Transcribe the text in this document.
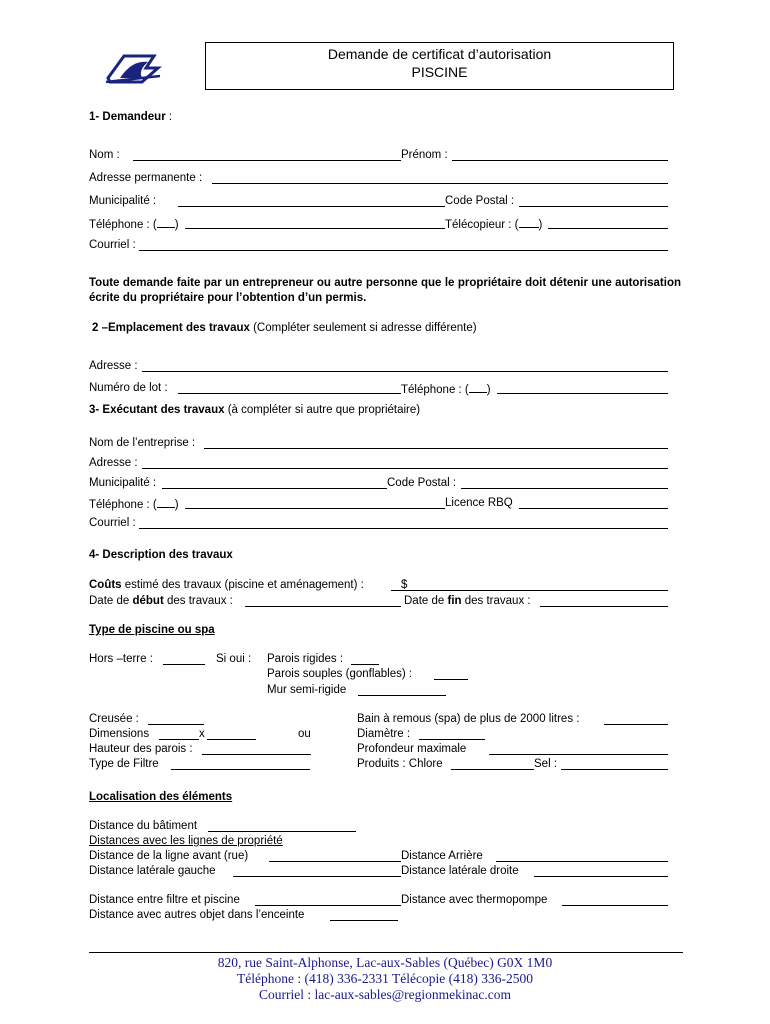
Demande de certificat d’autorisation
PISCINE
1- Demandeur :
Nom :	Prénom :
Adresse permanente :
Municipalité :	Code Postal :
Téléphone : ( )	Télécopieur : ( )
Courriel :
Toute demande faite par un entrepreneur ou autre personne que le propriétaire doit détenir une autorisation écrite du propriétaire pour l’obtention d’un permis.
2 –Emplacement des travaux (Compléter seulement si adresse différente)
Adresse :
Numéro de lot :	Téléphone : ( )
3- Exécutant des travaux (à compléter si autre que propriétaire)
Nom de l’entreprise :
Adresse :
Municipalité :	Code Postal :
Téléphone : ( )	Licence RBQ
Courriel :
4- Description des travaux
Coûts estimé des travaux (piscine et aménagement) :	$
Date de début des travaux :	Date de fin des travaux :
Type de piscine ou spa
Hors –terre :	Si oui : Parois rigides :
Parois souples (gonflables) :
Mur semi-rigide
Creusée :
Dimensions	x	ou
Hauteur des parois :
Type de Filtre
Bain à remous (spa) de plus de 2000 litres :
Diamètre :
Profondeur maximale
Produits : Chlore	Sel :
Localisation des éléments
Distance du bâtiment
Distances avec les lignes de propriété
Distance de la ligne avant (rue)	Distance Arrière
Distance latérale gauche	Distance latérale droite
Distance entre filtre et piscine	Distance avec thermopompe
Distance avec autres objet dans l’enceinte
820, rue Saint-Alphonse, Lac-aux-Sables (Québec) G0X 1M0
Téléphone : (418) 336-2331 Télécopie (418) 336-2500
Courriel : lac-aux-sables@regionmekinac.com
